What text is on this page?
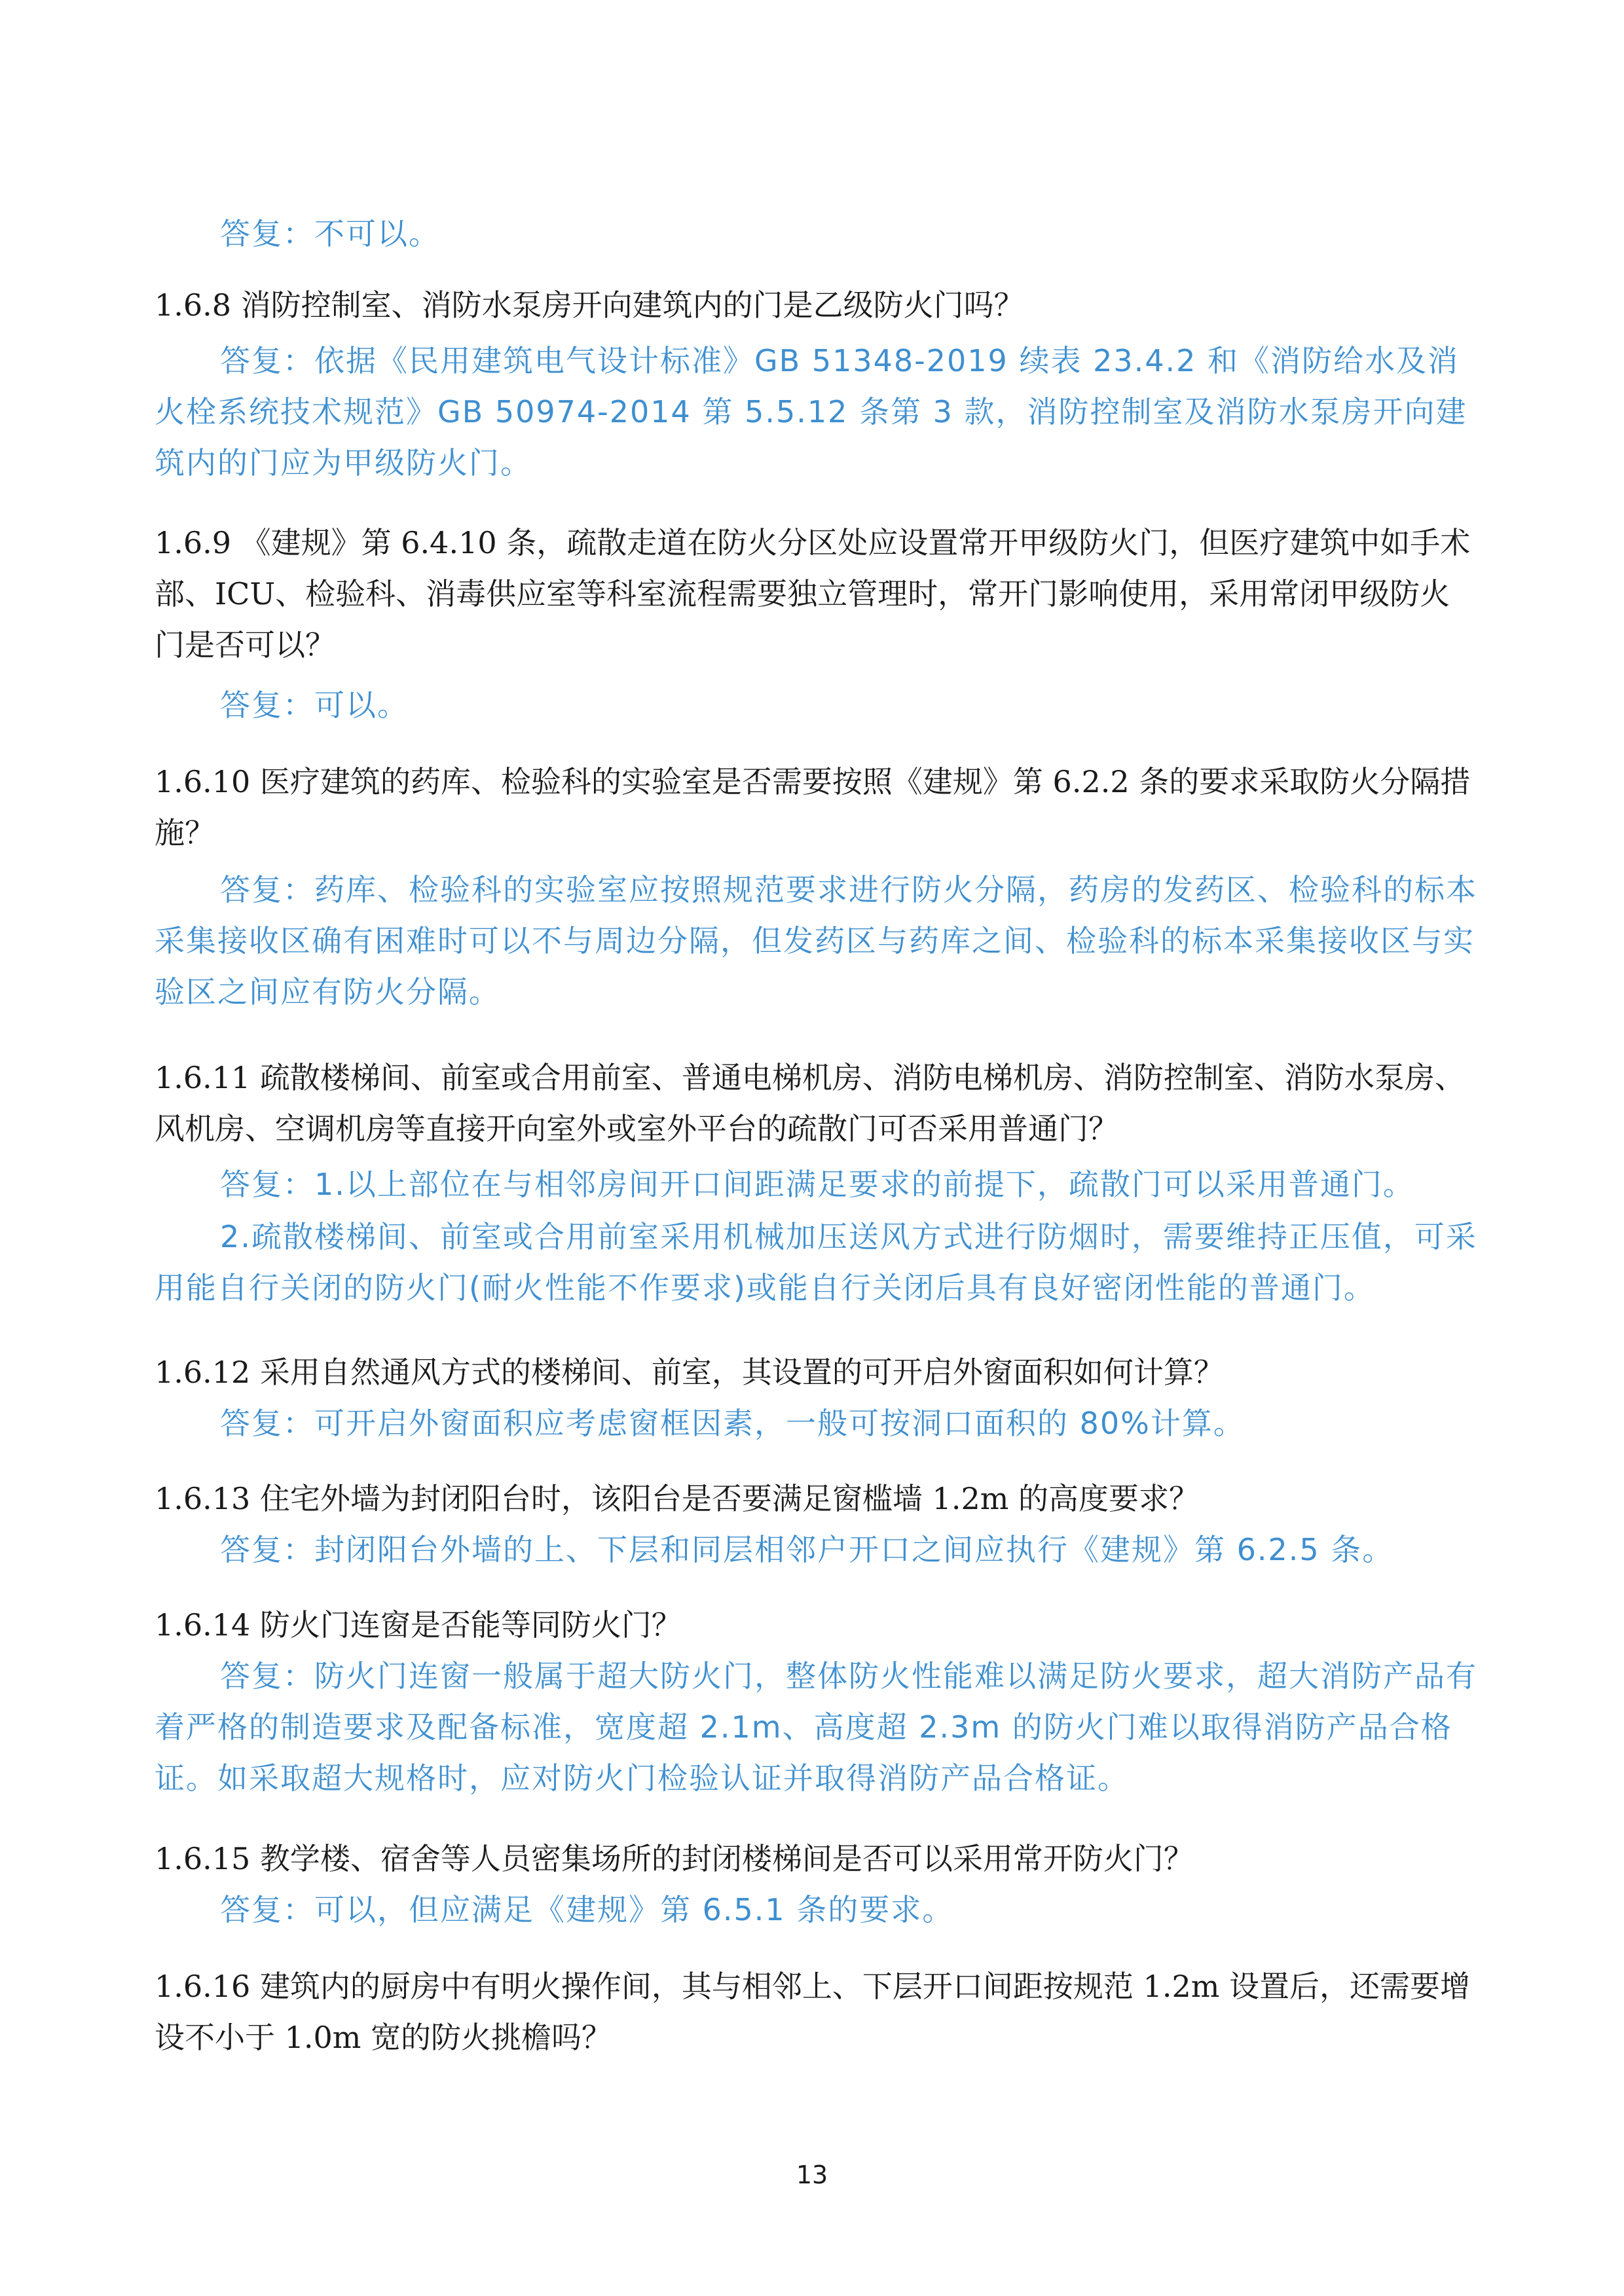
答复：不可以。

1.6.8 消防控制室、消防水泵房开向建筑内的门是乙级防火门吗？

答复：依据《民用建筑电气设计标准》GB 51348-2019 续表 23.4.2 和《消防给水及消火栓系统技术规范》GB 50974-2014 第 5.5.12 条第 3 款，消防控制室及消防水泵房开向建筑内的门应为甲级防火门。

1.6.9 《建规》第 6.4.10 条，疏散走道在防火分区处应设置常开甲级防火门，但医疗建筑中如手术部、ICU、检验科、消毒供应室等科室流程需要独立管理时，常开门影响使用，采用常闭甲级防火门是否可以？

答复：可以。

1.6.10 医疗建筑的药库、检验科的实验室是否需要按照《建规》第 6.2.2 条的要求采取防火分隔措施？

答复：药库、检验科的实验室应按照规范要求进行防火分隔，药房的发药区、检验科的标本采集接收区确有困难时可以不与周边分隔，但发药区与药库之间、检验科的标本采集接收区与实验区之间应有防火分隔。

1.6.11 疏散楼梯间、前室或合用前室、普通电梯机房、消防电梯机房、消防控制室、消防水泵房、风机房、空调机房等直接开向室外或室外平台的疏散门可否采用普通门？

答复：1.以上部位在与相邻房间开口间距满足要求的前提下，疏散门可以采用普通门。

2.疏散楼梯间、前室或合用前室采用机械加压送风方式进行防烟时，需要维持正压值，可采用能自行关闭的防火门(耐火性能不作要求)或能自行关闭后具有良好密闭性能的普通门。

1.6.12 采用自然通风方式的楼梯间、前室，其设置的可开启外窗面积如何计算？

答复：可开启外窗面积应考虑窗框因素，一般可按洞口面积的 80%计算。

1.6.13 住宅外墙为封闭阳台时，该阳台是否要满足窗槛墙 1.2m 的高度要求？

答复：封闭阳台外墙的上、下层和同层相邻户开口之间应执行《建规》第 6.2.5 条。

1.6.14 防火门连窗是否能等同防火门？

答复：防火门连窗一般属于超大防火门，整体防火性能难以满足防火要求，超大消防产品有着严格的制造要求及配备标准，宽度超 2.1m、高度超 2.3m 的防火门难以取得消防产品合格证。如采取超大规格时，应对防火门检验认证并取得消防产品合格证。

1.6.15 教学楼、宿舍等人员密集场所的封闭楼梯间是否可以采用常开防火门？

答复：可以，但应满足《建规》第 6.5.1 条的要求。

1.6.16 建筑内的厨房中有明火操作间，其与相邻上、下层开口间距按规范 1.2m 设置后，还需要增设不小于 1.0m 宽的防火挑檐吗？

13
